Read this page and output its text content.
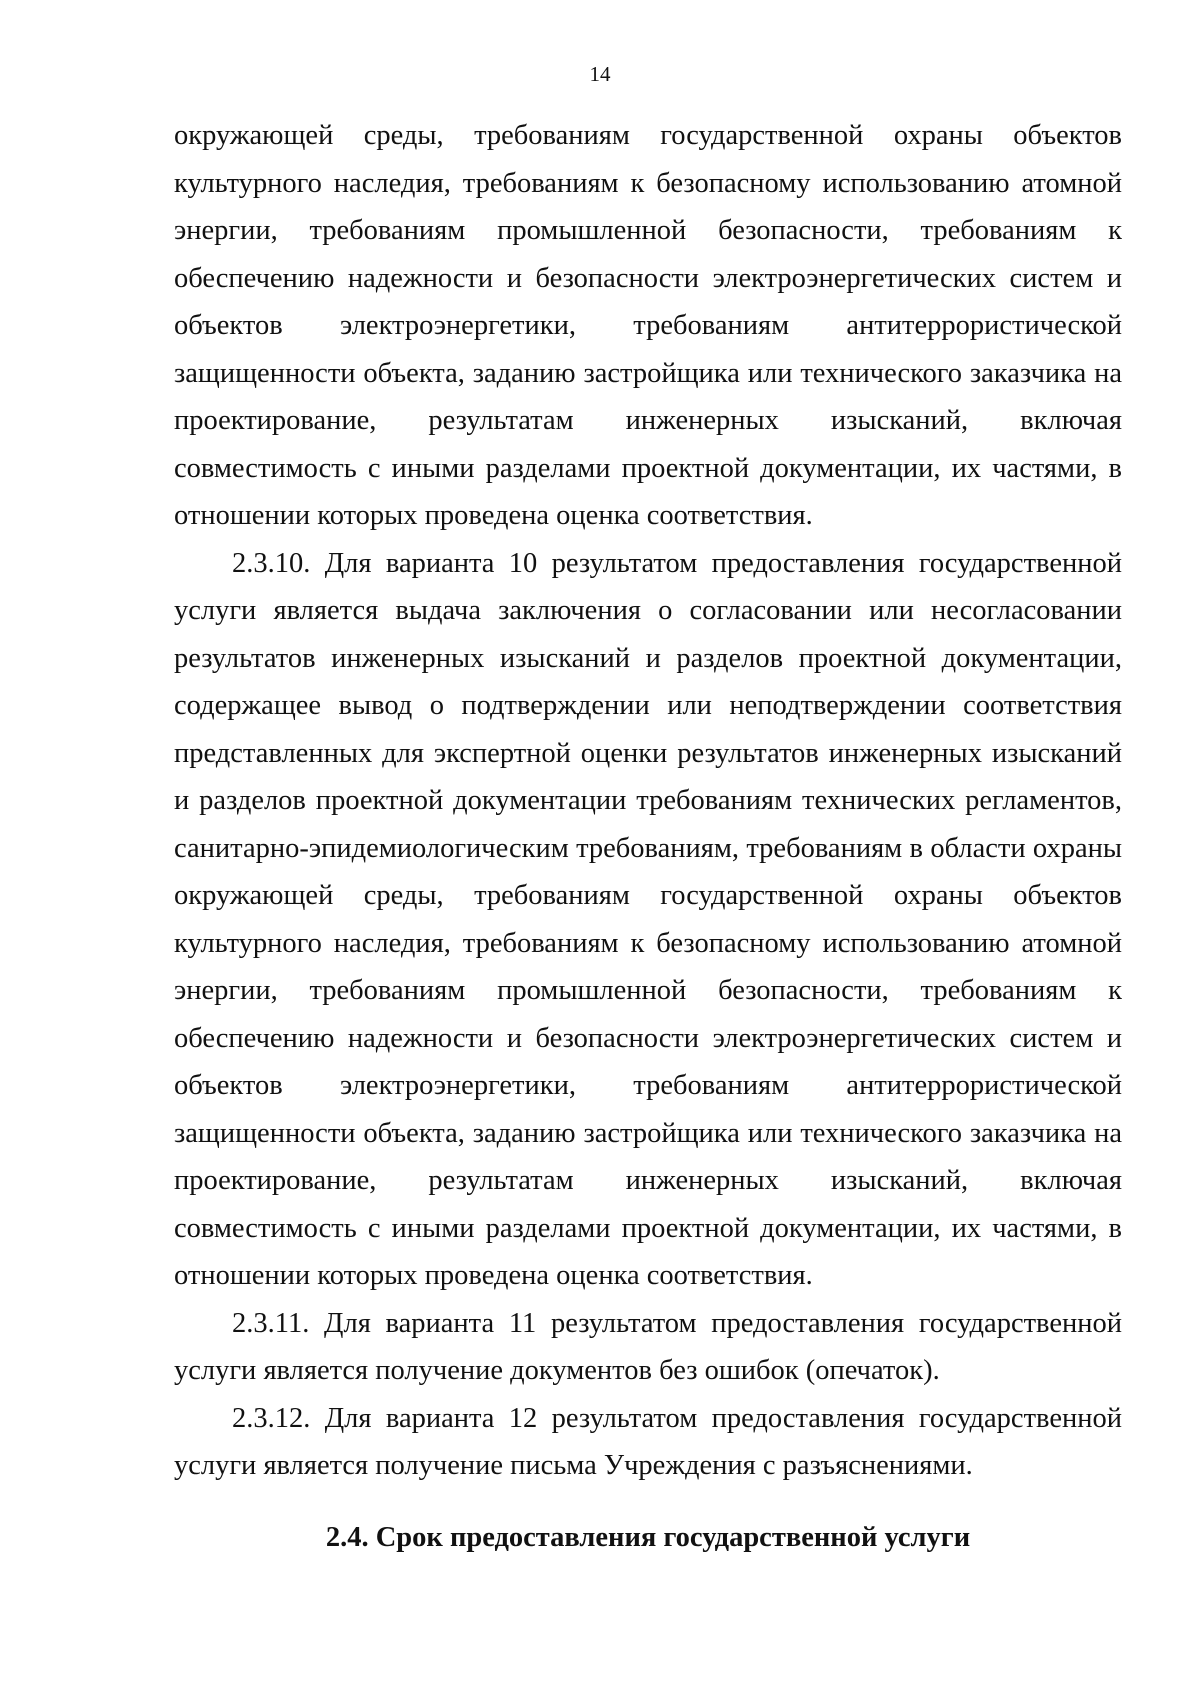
14

окружающей среды, требованиям государственной охраны объектов культурного наследия, требованиям к безопасному использованию атомной энергии, требованиям промышленной безопасности, требованиям к обеспечению надежности и безопасности электроэнергетических систем и объектов электроэнергетики, требованиям антитеррористической защищенности объекта, заданию застройщика или технического заказчика на проектирование, результатам инженерных изысканий, включая совместимость с иными разделами проектной документации, их частями, в отношении которых проведена оценка соответствия.

2.3.10. Для варианта 10 результатом предоставления государственной услуги является выдача заключения о согласовании или несогласовании результатов инженерных изысканий и разделов проектной документации, содержащее вывод о подтверждении или неподтверждении соответствия представленных для экспертной оценки результатов инженерных изысканий и разделов проектной документации требованиям технических регламентов, санитарно-эпидемиологическим требованиям, требованиям в области охраны окружающей среды, требованиям государственной охраны объектов культурного наследия, требованиям к безопасному использованию атомной энергии, требованиям промышленной безопасности, требованиям к обеспечению надежности и безопасности электроэнергетических систем и объектов электроэнергетики, требованиям антитеррористической защищенности объекта, заданию застройщика или технического заказчика на проектирование, результатам инженерных изысканий, включая совместимость с иными разделами проектной документации, их частями, в отношении которых проведена оценка соответствия.

2.3.11. Для варианта 11 результатом предоставления государственной услуги является получение документов без ошибок (опечаток).

2.3.12. Для варианта 12 результатом предоставления государственной услуги является получение письма Учреждения с разъяснениями.

2.4. Срок предоставления государственной услуги
